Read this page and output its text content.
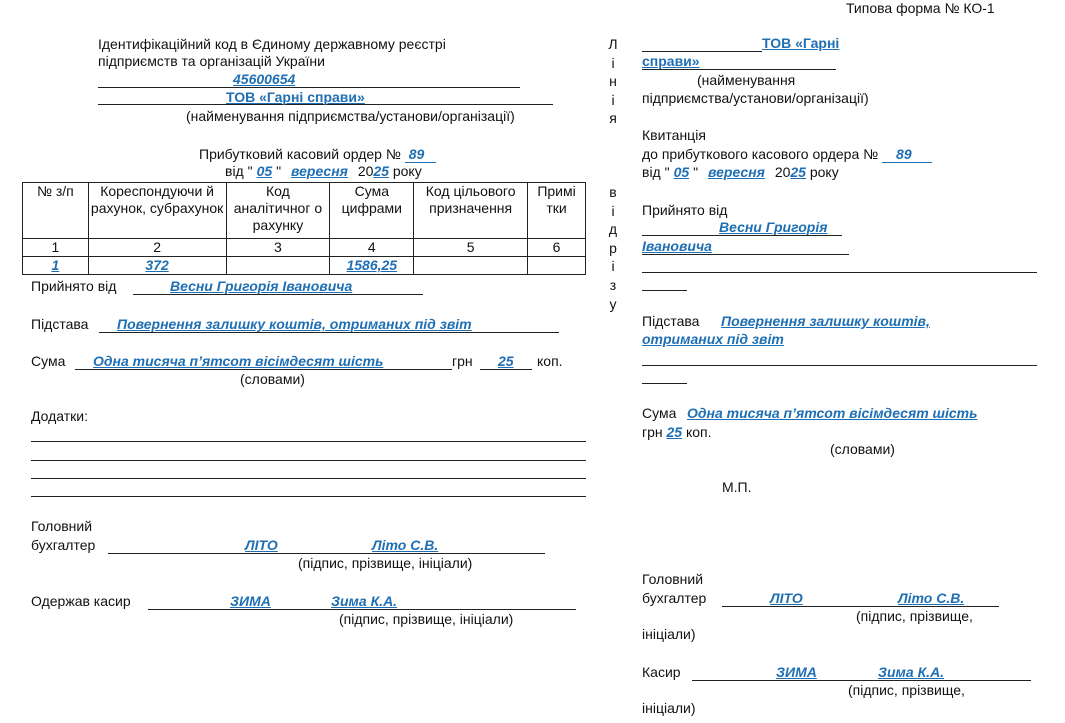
Типова форма № КО-1
Ідентифікаційний код в Єдиному державному реєстрі
підприємств та організацій України
45600654
ТОВ «Гарні справи»
(найменування підприємства/установи/організації)
Прибутковий касовий ордер № 89
від " 05 " вересня 2025 року
№ з/п	Кореспондуючи й рахунок, субрахунок	Код аналітичног о рахунку	Сума цифрами	Код цільового призначення	Примі тки
1	2	3	4	5	6
1	372		1586,25		
Прийнято від	Весни Григорія Івановича
Підстава Повернення залишку коштів, отриманих під звіт
Сума Одна тисяча п’ятсот вісімдесят шість	грн 25 коп.
(словами)
Додатки:
Головний
бухгалтер	ЛІТО	Літо С.В.
(підпис, прізвище, ініціали)
Одержав касир	ЗИМА	Зима К.А.
(підпис, прізвище, ініціали)
Л
і
н
і
я
в
і
д
р
і
з
у
ТОВ «Гарні
справи»
(найменування
підприємства/установи/організації)
Квитанція
до прибуткового касового ордера № 89
від " 05 " вересня 2025 року
Прийнято від
Весни Григорія
Івановича
Підстава Повернення залишку коштів,
отриманих під звіт
Сума Одна тисяча п’ятсот вісімдесят шість
грн 25 коп.
(словами)
М.П.
Головний
бухгалтер	ЛІТО	Літо С.В.
(підпис, прізвище,
ініціали)
Касир	ЗИМА	Зима К.А.
(підпис, прізвище,
ініціали)
